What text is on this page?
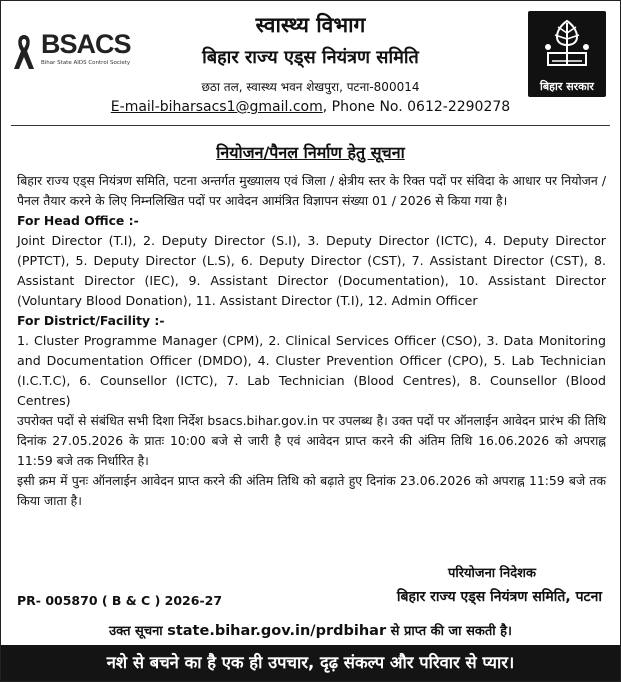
BSACS
Bihar State AIDS Control Society
स्वास्थ्य विभाग
बिहार राज्य एड्स नियंत्रण समिति
छठा तल, स्वास्थ्य भवन शेखपुरा, पटना-800014
E-mail-biharsacs1@gmail.com, Phone No. 0612-2290278
बिहार सरकार
नियोजन/पैनल निर्माण हेतु सूचना

बिहार राज्य एड्स नियंत्रण समिति, पटना अन्तर्गत मुख्यालय एवं जिला / क्षेत्रीय स्तर के रिक्त पदों पर संविदा के आधार पर नियोजन / पैनल तैयार करने के लिए निम्नलिखित पदों पर आवेदन आमंत्रित विज्ञापन संख्या 01 / 2026 से किया गया है।

For Head Office :-

Joint Director (T.I), 2. Deputy Director (S.I), 3. Deputy Director (ICTC), 4. Deputy Director (PPTCT), 5. Deputy Director (L.S), 6. Deputy Director (CST), 7. Assistant Director (CST), 8. Assistant Director (IEC), 9. Assistant Director (Documentation), 10. Assistant Director (Voluntary Blood Donation), 11. Assistant Director (T.I), 12. Admin Officer

For District/Facility :-

1. Cluster Programme Manager (CPM), 2. Clinical Services Officer (CSO), 3. Data Monitoring and Documentation Officer (DMDO), 4. Cluster Prevention Officer (CPO), 5. Lab Technician (I.C.T.C), 6. Counsellor (ICTC), 7. Lab Technician (Blood Centres), 8. Counsellor (Blood Centres)

उपरोक्त पदों से संबंधित सभी दिशा निर्देश bsacs.bihar.gov.in पर उपलब्ध है। उक्त पदों पर ऑनलाईन आवेदन प्रारंभ की तिथि दिनांक 27.05.2026 के प्रातः 10:00 बजे से जारी है एवं आवेदन प्राप्त करने की अंतिम तिथि 16.06.2026 को अपराह्न 11:59 बजे तक निर्धारित है।

इसी क्रम में पुनः ऑनलाईन आवेदन प्राप्त करने की अंतिम तिथि को बढ़ाते हुए दिनांक 23.06.2026 को अपराह्न 11:59 बजे तक किया जाता है।

PR- 005870 ( B & C ) 2026-27
परियोजना निदेशक
बिहार राज्य एड्स नियंत्रण समिति, पटना
उक्त सूचना state.bihar.gov.in/prdbihar से प्राप्त की जा सकती है।
नशे से बचने का है एक ही उपचार, दृढ़ संकल्प और परिवार से प्यार।
